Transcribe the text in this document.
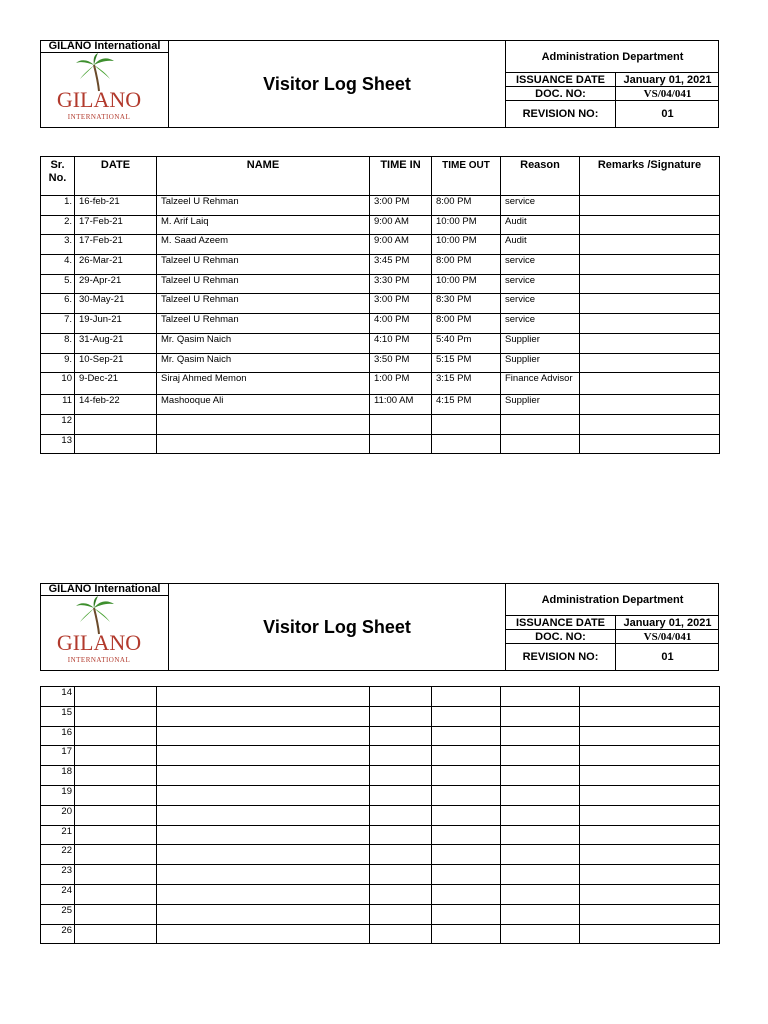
GILANO
INTERNATIONAL
GILANO International
Visitor Log Sheet
Administration Department
ISSUANCE DATE	January 01, 2021
DOC. NO:	VS/04/041
REVISION NO:	01
Sr. No.	DATE	NAME	TIME IN	TIME OUT	Reason	Remarks /Signature
1.	16-feb-21	Talzeel U Rehman	3:00 PM	8:00 PM	service	
2.	17-Feb-21	M. Arif Laiq	9:00 AM	10:00 PM	Audit	
3.	17-Feb-21	M. Saad Azeem	9:00 AM	10:00 PM	Audit	
4.	26-Mar-21	Talzeel U Rehman	3:45 PM	8:00 PM	service	
5.	29-Apr-21	Talzeel U Rehman	3:30 PM	10:00 PM	service	
6.	30-May-21	Talzeel U Rehman	3:00 PM	8:30 PM	service	
7.	19-Jun-21	Talzeel U Rehman	4:00 PM	8:00 PM	service	
8.	31-Aug-21	Mr. Qasim Naich	4:10 PM	5:40 Pm	Supplier	
9.	10-Sep-21	Mr. Qasim Naich	3:50 PM	5:15 PM	Supplier	
10	9-Dec-21	Siraj Ahmed Memon	1:00 PM	3:15 PM	Finance Advisor	
11	14-feb-22	Mashooque Ali	11:00 AM	4:15 PM	Supplier	
12						
13						
GILANO
INTERNATIONAL
GILANO International
Visitor Log Sheet
Administration Department
ISSUANCE DATE	January 01, 2021
DOC. NO:	VS/04/041
REVISION NO:	01
14						
15						
16						
17						
18						
19						
20						
21						
22						
23						
24						
25						
26						
